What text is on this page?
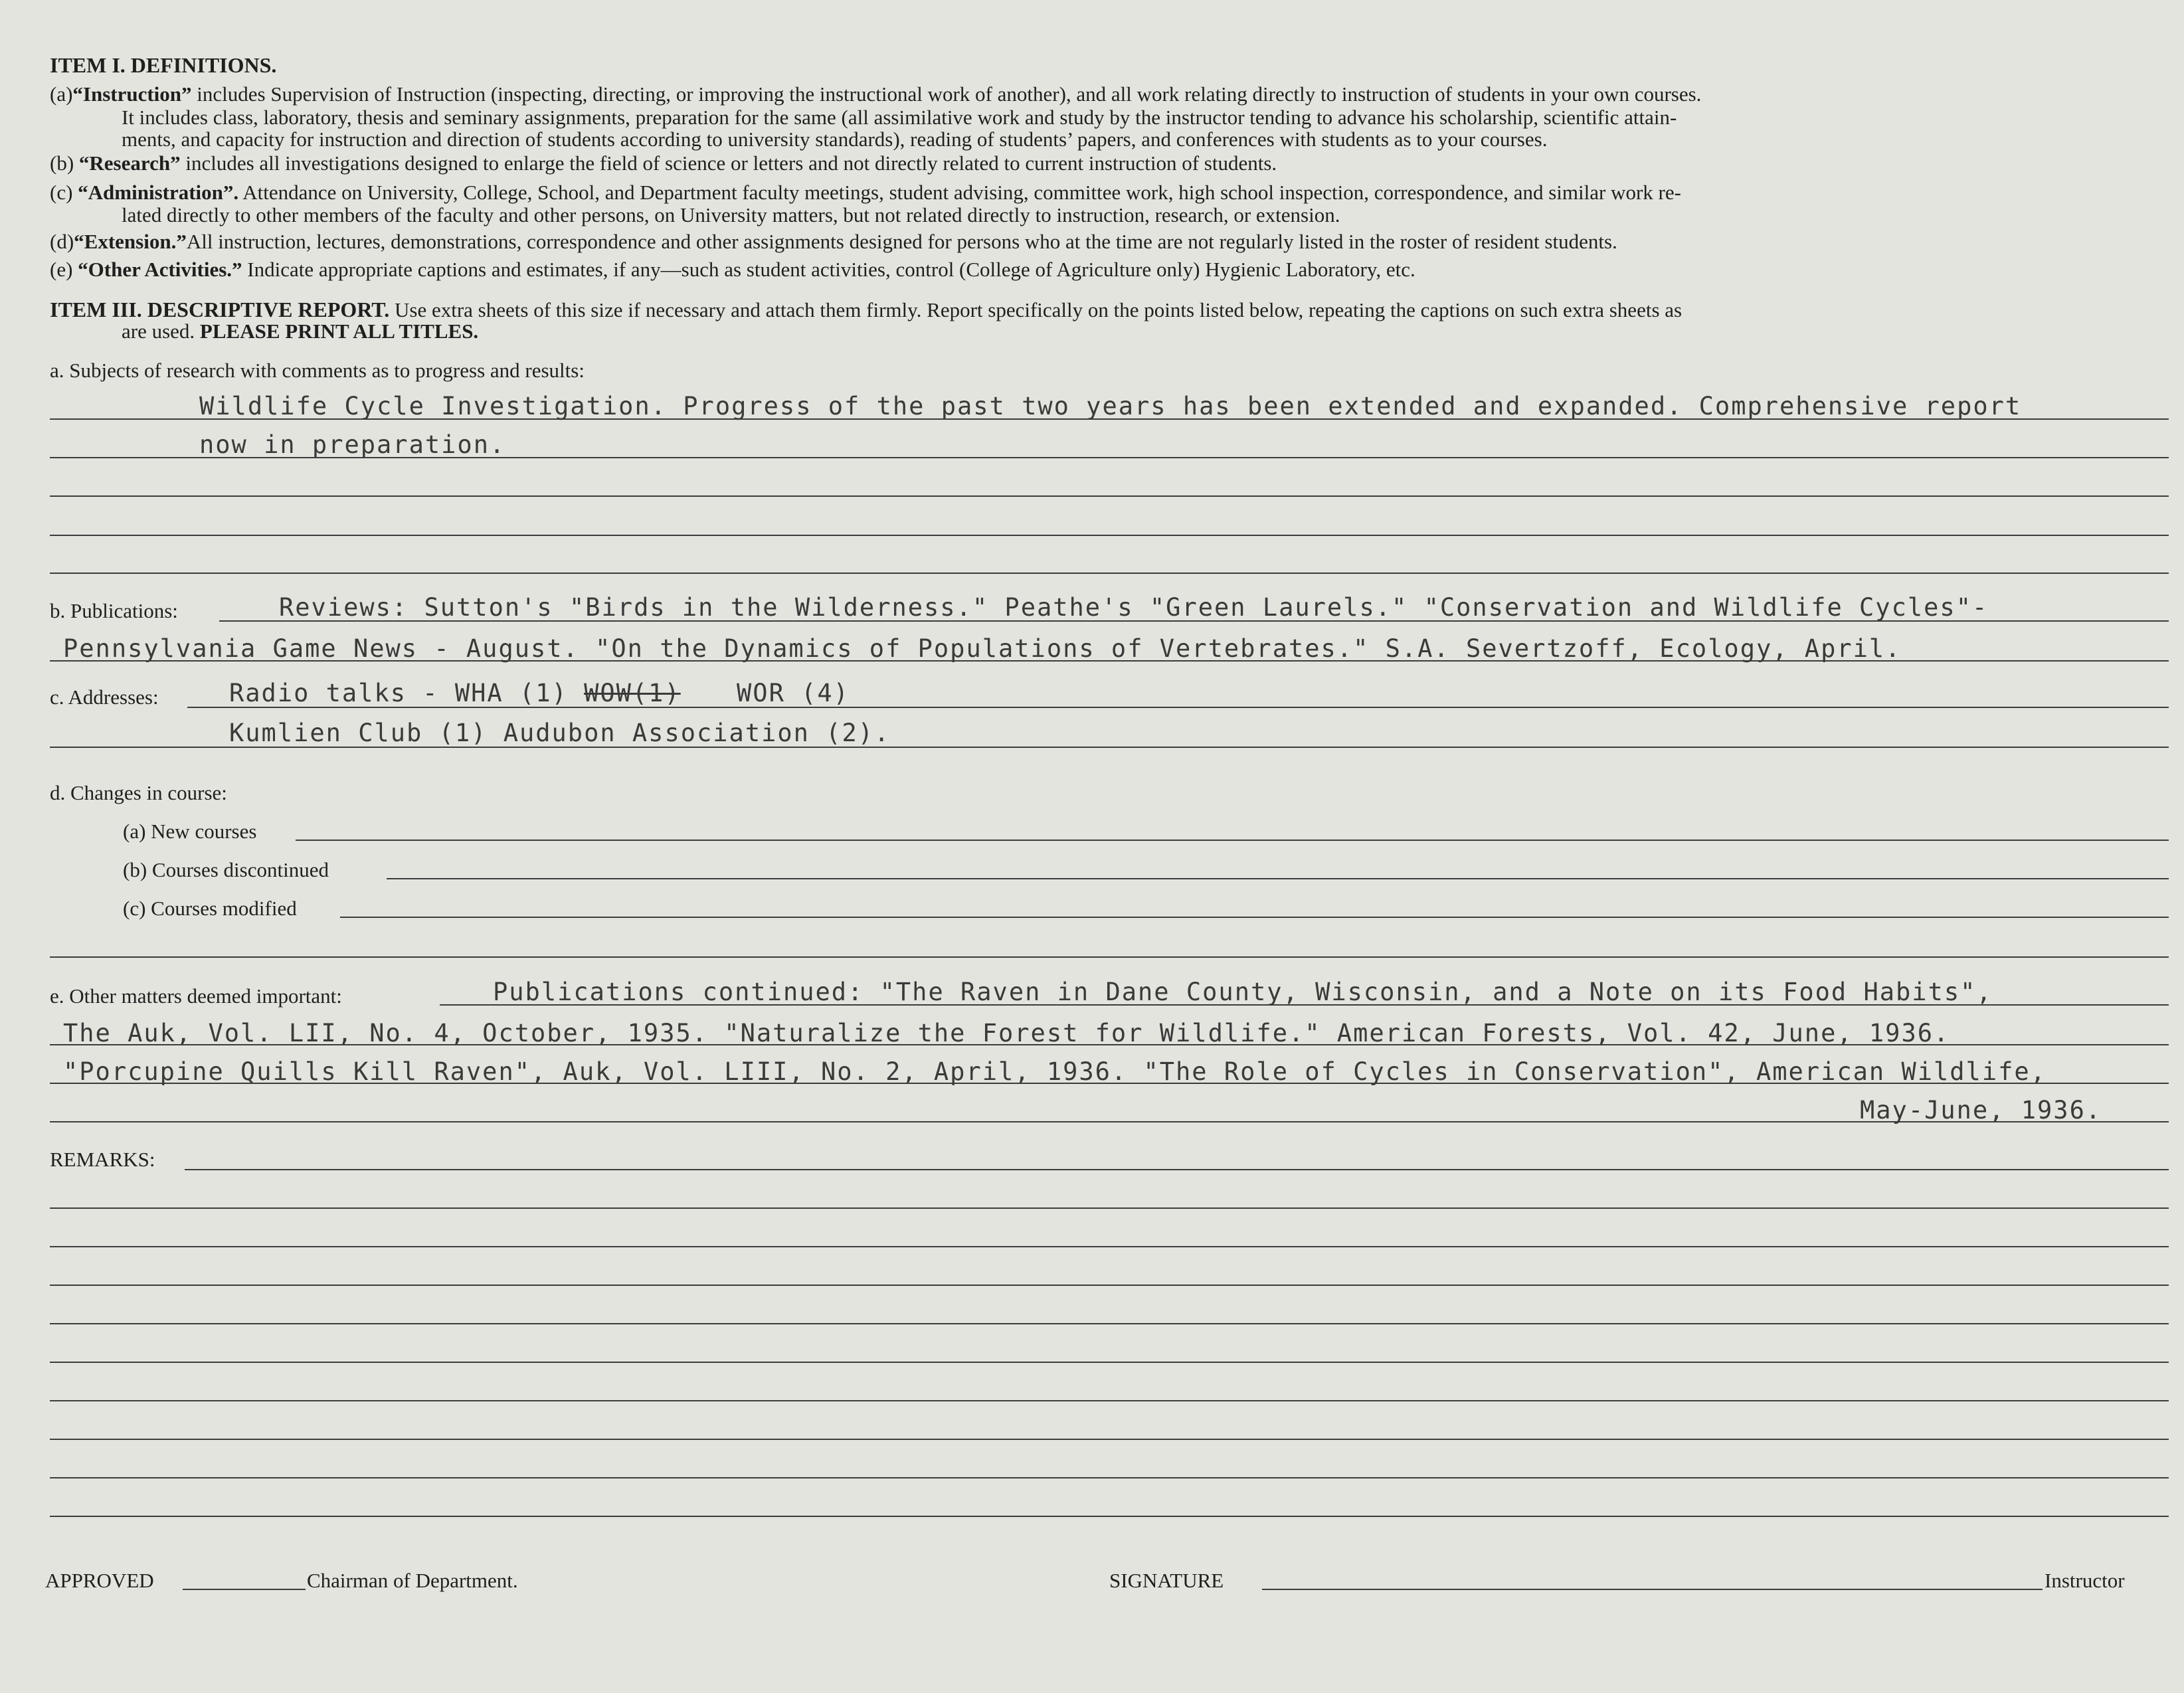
ITEM I. DEFINITIONS.
(a)“Instruction” includes Supervision of Instruction (inspecting, directing, or improving the instructional work of another), and all work relating directly to instruction of students in your own courses.
It includes class, laboratory, thesis and seminary assignments, preparation for the same (all assimilative work and study by the instructor tending to advance his scholarship, scientific attain-
ments, and capacity for instruction and direction of students according to university standards), reading of students’ papers, and conferences with students as to your courses.
(b) “Research” includes all investigations designed to enlarge the field of science or letters and not directly related to current instruction of students.
(c) “Administration”. Attendance on University, College, School, and Department faculty meetings, student advising, committee work, high school inspection, correspondence, and similar work re-
lated directly to other members of the faculty and other persons, on University matters, but not related directly to instruction, research, or extension.
(d)“Extension.”All instruction, lectures, demonstrations, correspondence and other assignments designed for persons who at the time are not regularly listed in the roster of resident students.
(e) “Other Activities.” Indicate appropriate captions and estimates, if any—such as student activities, control (College of Agriculture only) Hygienic Laboratory, etc.
ITEM III. DESCRIPTIVE REPORT. Use extra sheets of this size if necessary and attach them firmly. Report specifically on the points listed below, repeating the captions on such extra sheets as
are used. PLEASE PRINT ALL TITLES.
a. Subjects of research with comments as to progress and results:
Wildlife Cycle Investigation. Progress of the past two years has been extended and expanded. Comprehensive report
now in preparation.
b. Publications:	Reviews: Sutton's "Birds in the Wilderness." Peathe's "Green Laurels." "Conservation and Wildlife Cycles"-
Pennsylvania Game News - August. "On the Dynamics of Populations of Vertebrates." S.A. Severtzoff, Ecology, April.
c. Addresses:	Radio talks - WHA (1) WOW(1) WOR (4)
Kumlien Club (1) Audubon Association (2).
d. Changes in course:
(a) New courses
(b) Courses discontinued
(c) Courses modified
e. Other matters deemed important:	Publications continued: "The Raven in Dane County, Wisconsin, and a Note on its Food Habits",
The Auk, Vol. LII, No. 4, October, 1935. "Naturalize the Forest for Wildlife." American Forests, Vol. 42, June, 1936.
"Porcupine Quills Kill Raven", Auk, Vol. LIII, No. 2, April, 1936. "The Role of Cycles in Conservation", American Wildlife,
May-June, 1936.
REMARKS:
APPROVED	Chairman of Department.	SIGNATURE	Instructor
